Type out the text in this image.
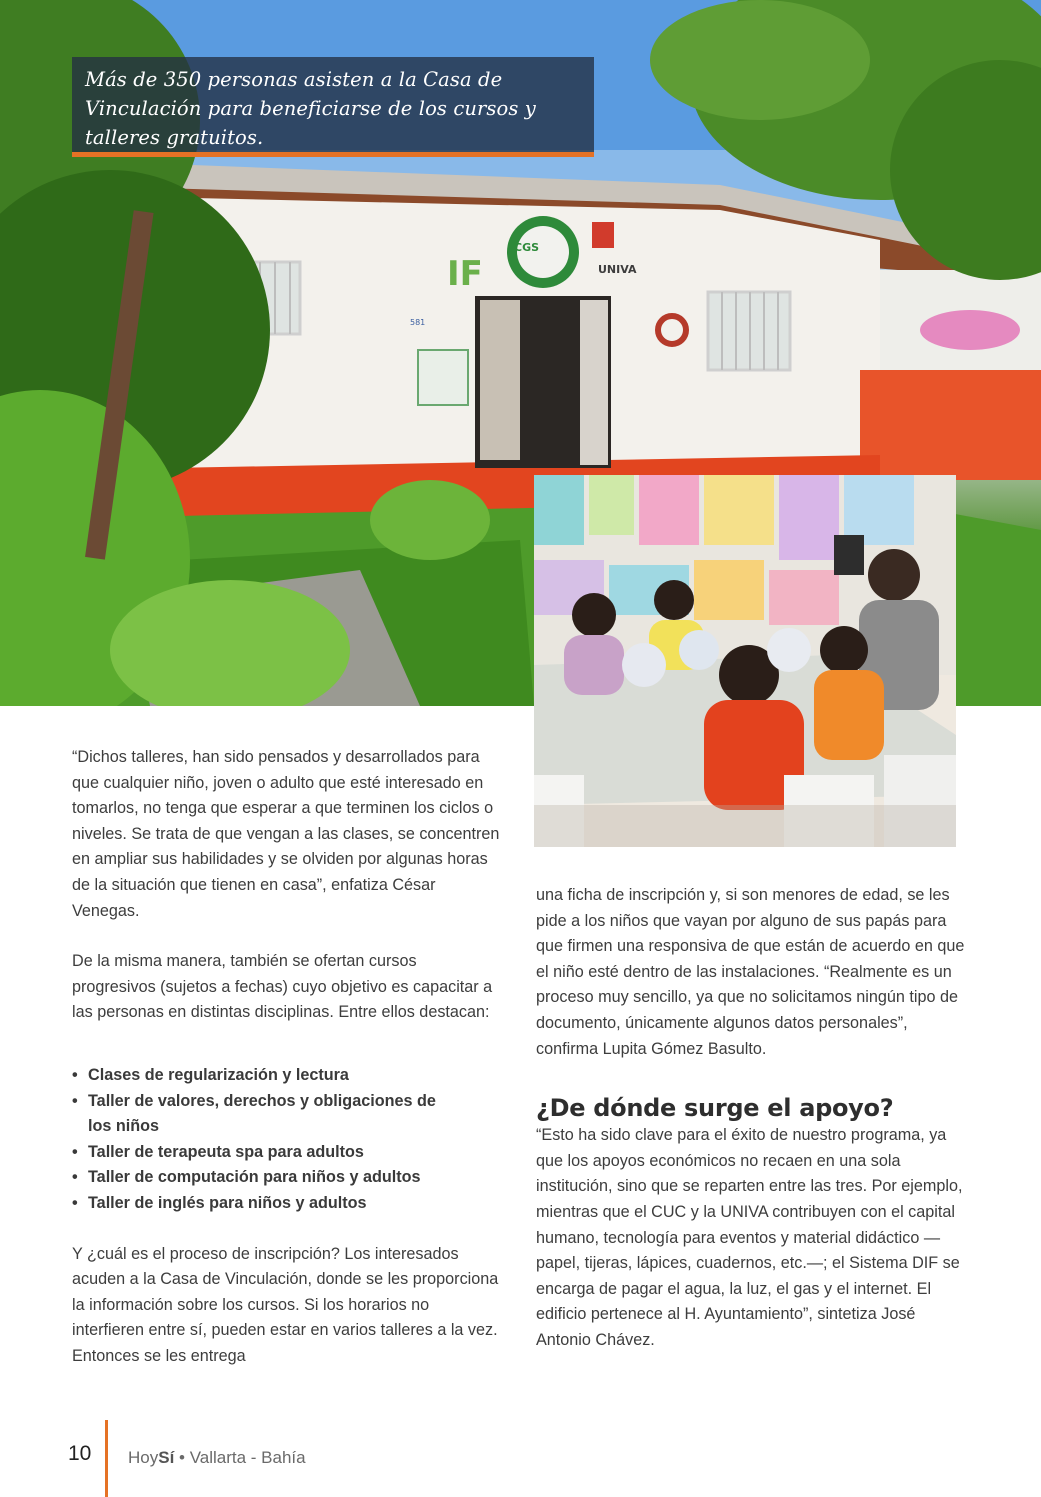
CGS
IF	UNIVA
581

Más de 350 personas asisten a la Casa de Vinculación para beneficiarse de los cursos y talleres gratuitos.

“Dichos talleres, han sido pensados y desarrollados para que cualquier niño, joven o adulto que esté interesado en tomarlos, no tenga que esperar a que terminen los ciclos o niveles. Se trata de que vengan a las clases, se concentren en ampliar sus habilidades y se olviden por algunas horas de la situación que tienen en casa”, enfatiza César Venegas.

De la misma manera, también se ofertan cursos progresivos (sujetos a fechas) cuyo objetivo es capacitar a las personas en distintas disciplinas. Entre ellos destacan:

• Clases de regularización y lectura
• Taller de valores, derechos y obligaciones de los niños
• Taller de terapeuta spa para adultos
• Taller de computación para niños y adultos
• Taller de inglés para niños y adultos

Y ¿cuál es el proceso de inscripción? Los interesados acuden a la Casa de Vinculación, donde se les proporciona la información sobre los cursos. Si los horarios no interfieren entre sí, pueden estar en varios talleres a la vez. Entonces se les entrega

una ficha de inscripción y, si son menores de edad, se les pide a los niños que vayan por alguno de sus papás para que firmen una responsiva de que están de acuerdo en que el niño esté dentro de las instalaciones. “Realmente es un proceso muy sencillo, ya que no solicitamos ningún tipo de documento, únicamente algunos datos personales”, confirma Lupita Gómez Basulto.

¿De dónde surge el apoyo?

“Esto ha sido clave para el éxito de nuestro programa, ya que los apoyos económicos no recaen en una sola institución, sino que se reparten entre las tres. Por ejemplo, mientras que el CUC y la UNIVA contribuyen con el capital humano, tecnología para eventos y material didáctico —papel, tijeras, lápices, cuadernos, etc.—; el Sistema DIF se encarga de pagar el agua, la luz, el gas y el internet. El edificio pertenece al H. Ayuntamiento”, sintetiza José Antonio Chávez.

10 HoySí • Vallarta - Bahía
